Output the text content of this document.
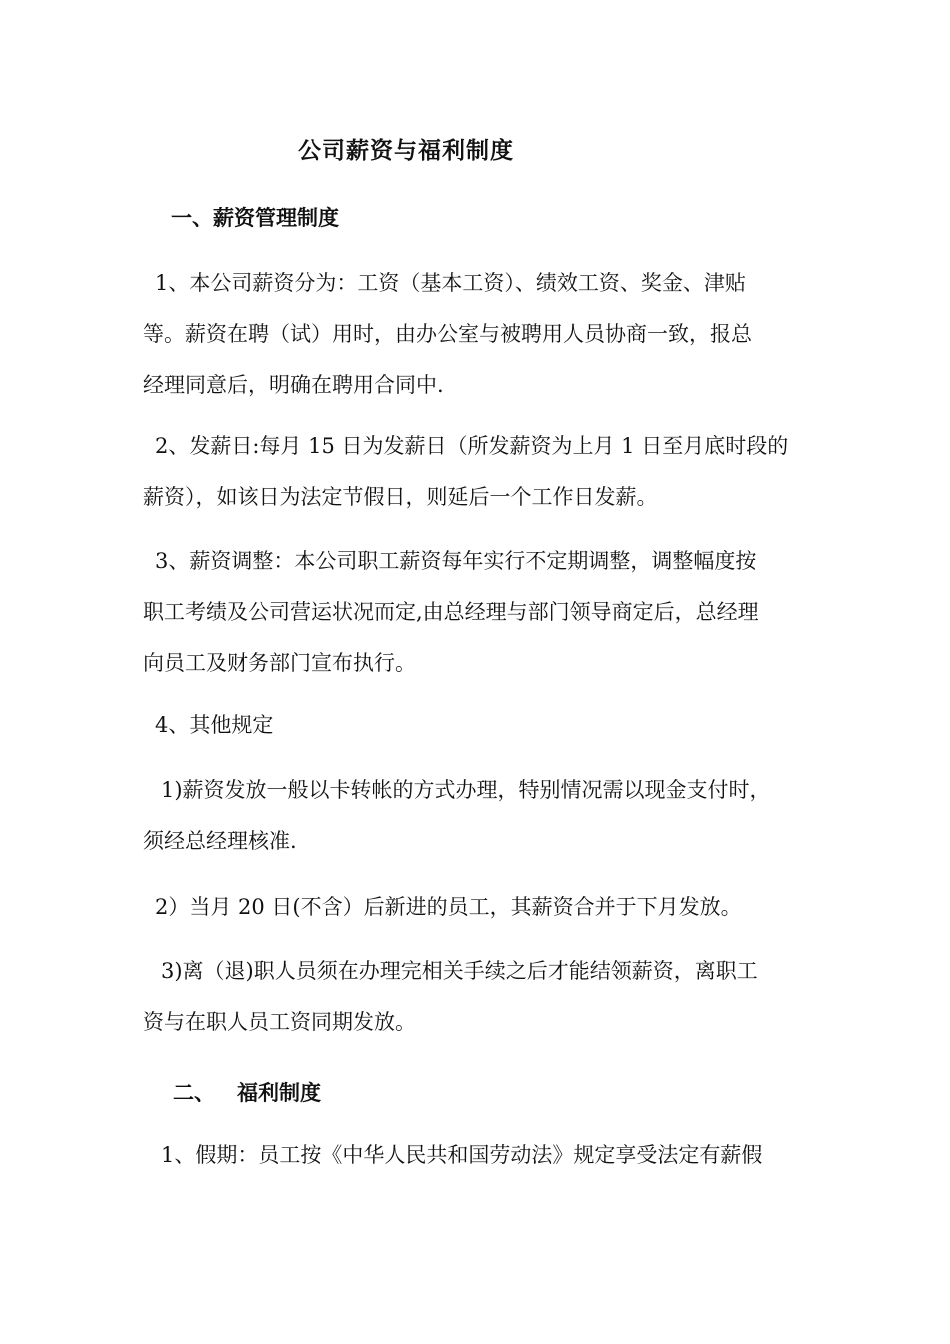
公司薪资与福利制度
一、薪资管理制度
1、本公司薪资分为：工资（基本工资）、绩效工资、奖金、津贴
等。薪资在聘（试）用时，由办公室与被聘用人员协商一致，报总
经理同意后，明确在聘用合同中.
2、发薪日:每月 15 日为发薪日（所发薪资为上月 1 日至月底时段的
薪资），如该日为法定节假日，则延后一个工作日发薪。
3、薪资调整：本公司职工薪资每年实行不定期调整，调整幅度按
职工考绩及公司营运状况而定,由总经理与部门领导商定后，总经理
向员工及财务部门宣布执行。
4、其他规定
1)薪资发放一般以卡转帐的方式办理，特别情况需以现金支付时，
须经总经理核准.
2）当月 20 日(不含）后新进的员工，其薪资合并于下月发放。
3)离（退)职人员须在办理完相关手续之后才能结领薪资，离职工
资与在职人员工资同期发放。
二、 福利制度
1、假期：员工按《中华人民共和国劳动法》规定享受法定有薪假
